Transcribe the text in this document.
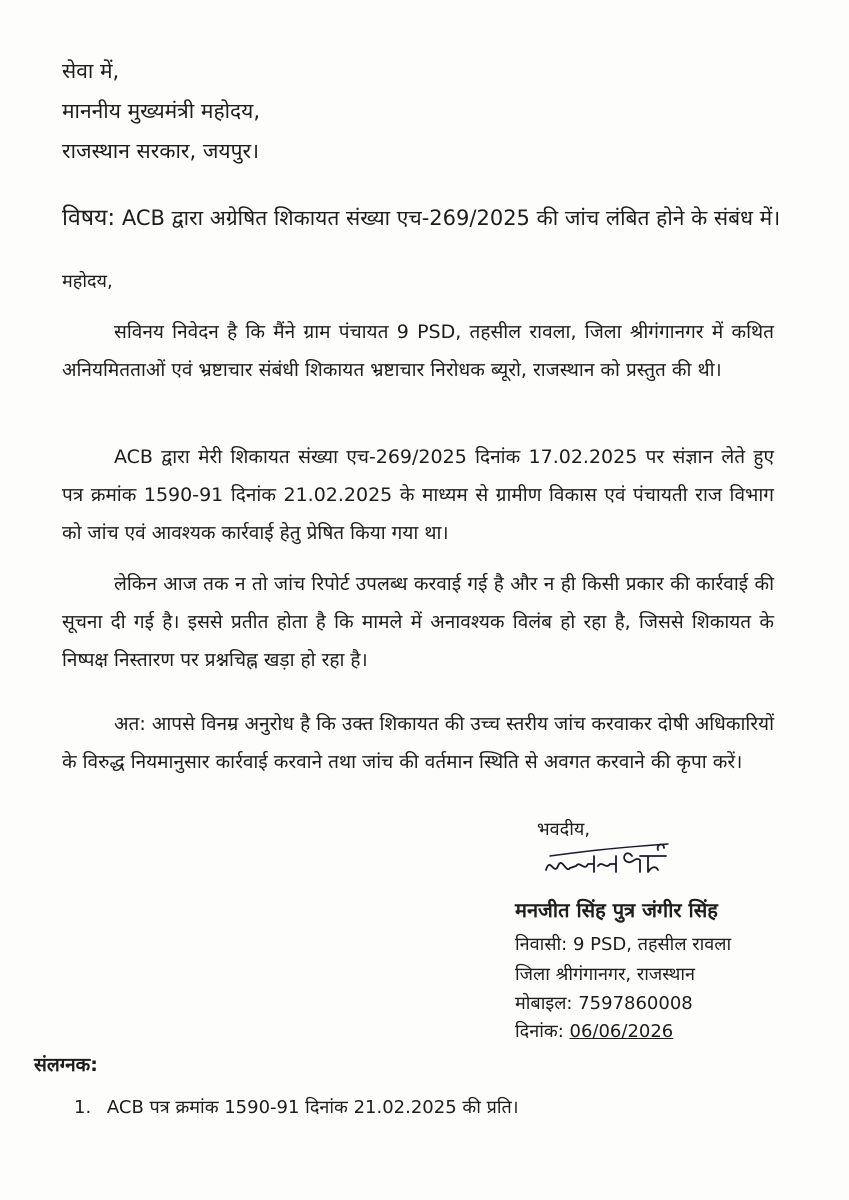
सेवा में,
माननीय मुख्यमंत्री महोदय,
राजस्थान सरकार, जयपुर।
विषय: ACB द्वारा अग्रेषित शिकायत संख्या एच-269/2025 की जांच लंबित होने के संबंध में।
महोदय,

सविनय निवेदन है कि मैंने ग्राम पंचायत 9 PSD, तहसील रावला, जिला श्रीगंगानगर में कथित अनियमितताओं एवं भ्रष्टाचार संबंधी शिकायत भ्रष्टाचार निरोधक ब्यूरो, राजस्थान को प्रस्तुत की थी।

ACB द्वारा मेरी शिकायत संख्या एच-269/2025 दिनांक 17.02.2025 पर संज्ञान लेते हुए पत्र क्रमांक 1590-91 दिनांक 21.02.2025 के माध्यम से ग्रामीण विकास एवं पंचायती राज विभाग को जांच एवं आवश्यक कार्रवाई हेतु प्रेषित किया गया था।

लेकिन आज तक न तो जांच रिपोर्ट उपलब्ध करवाई गई है और न ही किसी प्रकार की कार्रवाई की सूचना दी गई है। इससे प्रतीत होता है कि मामले में अनावश्यक विलंब हो रहा है, जिससे शिकायत के निष्पक्ष निस्तारण पर प्रश्नचिह्न खड़ा हो रहा है।

अत: आपसे विनम्र अनुरोध है कि उक्त शिकायत की उच्च स्तरीय जांच करवाकर दोषी अधिकारियों के विरुद्ध नियमानुसार कार्रवाई करवाने तथा जांच की वर्तमान स्थिति से अवगत करवाने की कृपा करें।

भवदीय,
मनजीत सिंह पुत्र जंगीर सिंह
निवासी: 9 PSD, तहसील रावला
जिला श्रीगंगानगर, राजस्थान
मोबाइल: 7597860008
दिनांक: 06/06/2026
संलग्नक:
1. ACB पत्र क्रमांक 1590-91 दिनांक 21.02.2025 की प्रति।
